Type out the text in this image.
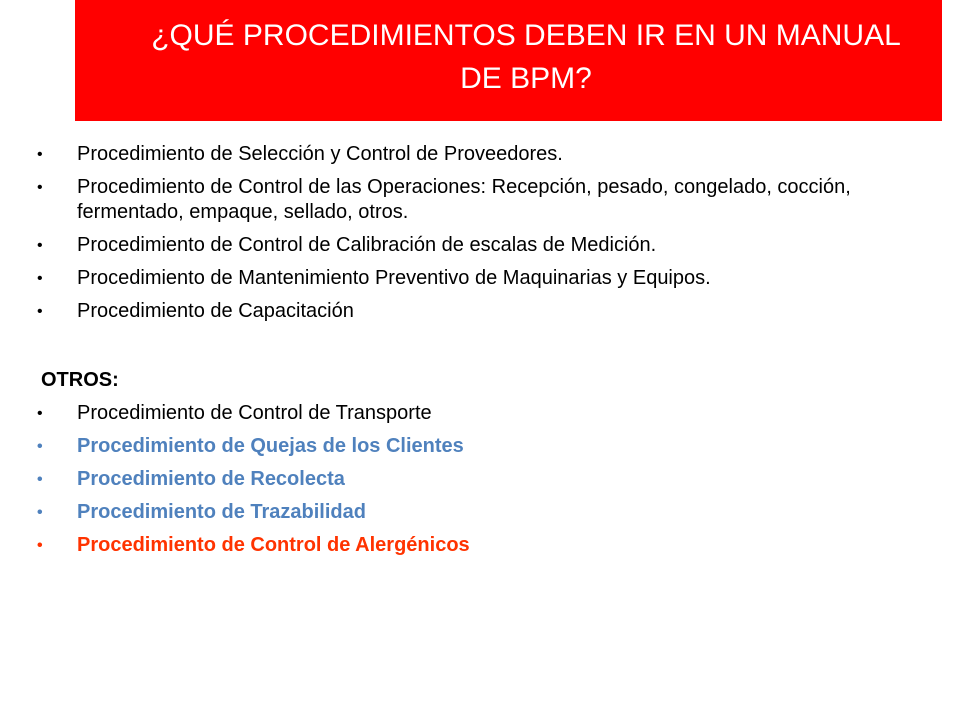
¿QUÉ PROCEDIMIENTOS DEBEN IR EN UN MANUAL DE BPM?
• Procedimiento de Selección y Control de Proveedores.
• Procedimiento de Control de las Operaciones: Recepción, pesado, congelado, cocción, fermentado, empaque, sellado, otros.
• Procedimiento de Control de Calibración de escalas de Medición.
• Procedimiento de Mantenimiento Preventivo de Maquinarias y Equipos.
• Procedimiento de Capacitación
OTROS:
• Procedimiento de Control de Transporte
• Procedimiento de Quejas de los Clientes
• Procedimiento de Recolecta
• Procedimiento de Trazabilidad
• Procedimiento de Control de Alergénicos
